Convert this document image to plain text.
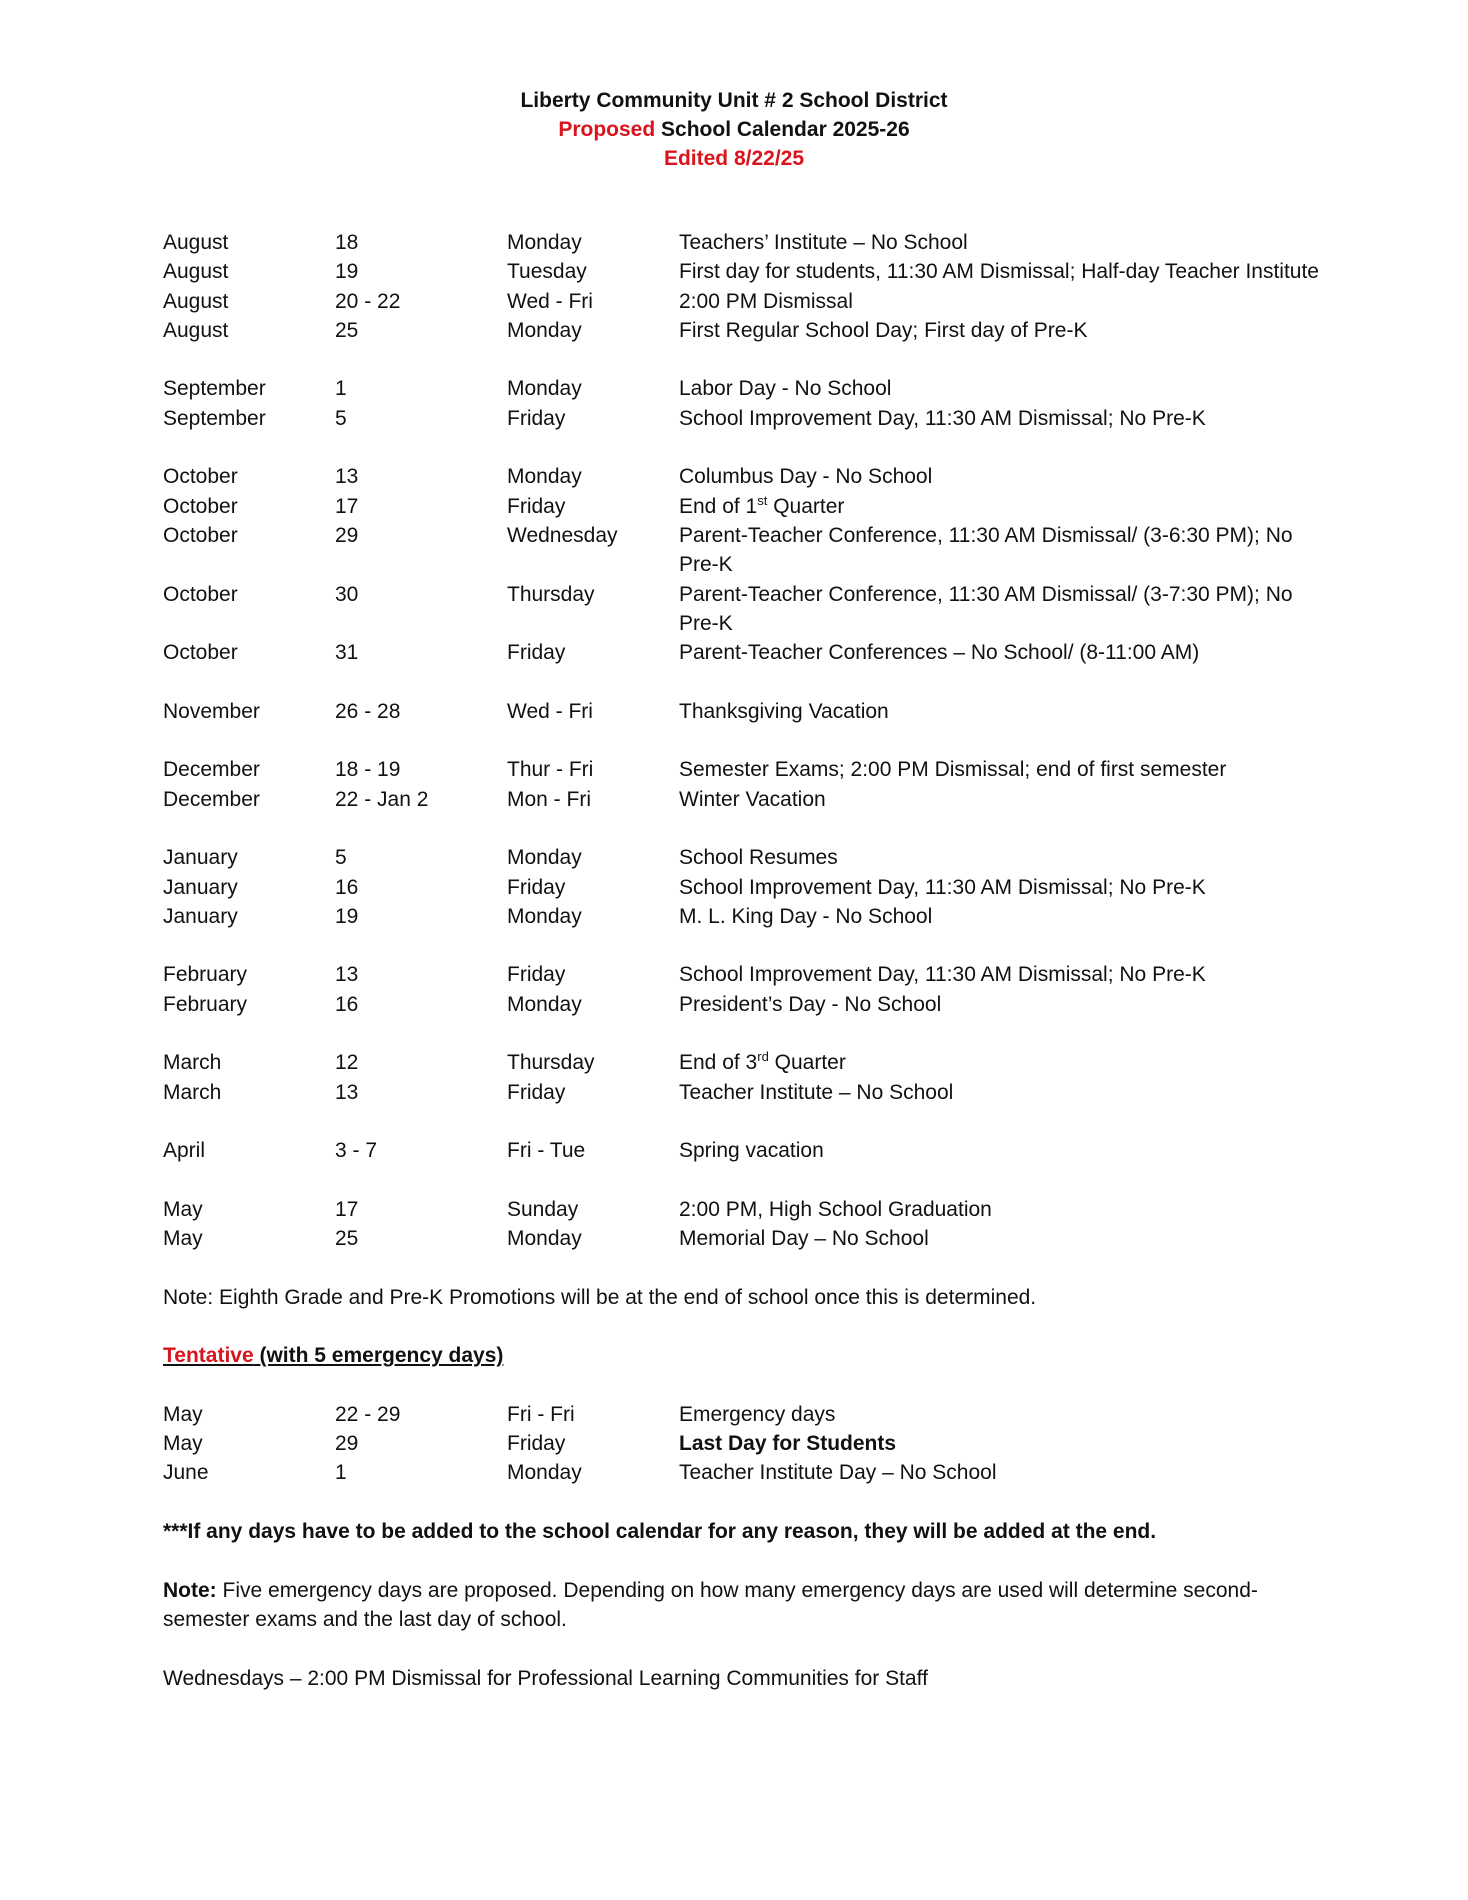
Liberty Community Unit # 2 School District
Proposed School Calendar 2025-26
Edited 8/22/25
August	18	Monday	Teachers’ Institute – No School
August	19	Tuesday	First day for students, 11:30 AM Dismissal; Half-day Teacher Institute
August	20 - 22	Wed - Fri	2:00 PM Dismissal
August	25	Monday	First Regular School Day; First day of Pre-K
September	1	Monday	Labor Day - No School
September	5	Friday	School Improvement Day, 11:30 AM Dismissal; No Pre-K
October	13	Monday	Columbus Day - No School
October	17	Friday	End of 1st Quarter
October	29	Wednesday	Parent-Teacher Conference, 11:30 AM Dismissal/ (3-6:30 PM); No Pre-K
October	30	Thursday	Parent-Teacher Conference, 11:30 AM Dismissal/ (3-7:30 PM); No Pre-K
October	31	Friday	Parent-Teacher Conferences – No School/ (8-11:00 AM)
November	26 - 28	Wed - Fri	Thanksgiving Vacation
December	18 - 19	Thur - Fri	Semester Exams; 2:00 PM Dismissal; end of first semester
December	22 - Jan 2	Mon - Fri	Winter Vacation
January	5	Monday	School Resumes
January	16	Friday	School Improvement Day, 11:30 AM Dismissal; No Pre-K
January	19	Monday	M. L. King Day - No School
February	13	Friday	School Improvement Day, 11:30 AM Dismissal; No Pre-K
February	16	Monday	President’s Day - No School
March	12	Thursday	End of 3rd Quarter
March	13	Friday	Teacher Institute – No School
April	3 - 7	Fri - Tue	Spring vacation
May	17	Sunday	2:00 PM, High School Graduation
May	25	Monday	Memorial Day – No School
Note: Eighth Grade and Pre-K Promotions will be at the end of school once this is determined.
Tentative (with 5 emergency days)
May	22 - 29	Fri - Fri	Emergency days
May	29	Friday	Last Day for Students
June	1	Monday	Teacher Institute Day – No School
***If any days have to be added to the school calendar for any reason, they will be added at the end.
Note: Five emergency days are proposed. Depending on how many emergency days are used will determine second-semester exams and the last day of school.
Wednesdays – 2:00 PM Dismissal for Professional Learning Communities for Staff
